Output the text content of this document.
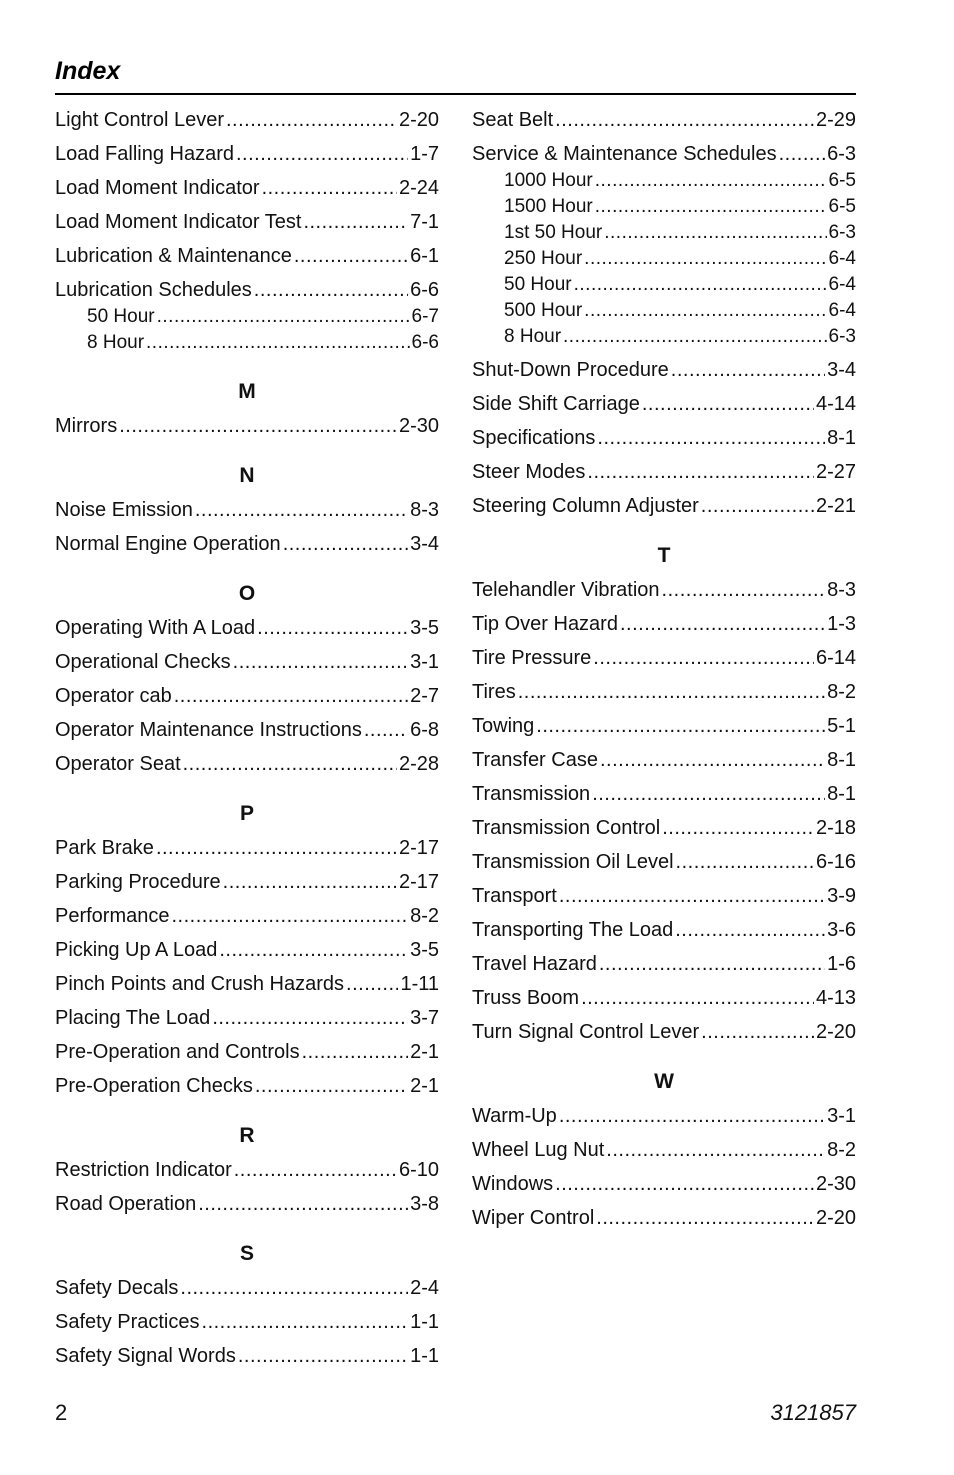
Index
Light Control Lever .....	2-20
Load Falling Hazard .....	1-7
Load Moment Indicator .....	2-24
Load Moment Indicator Test .....	7-1
Lubrication & Maintenance .....	6-1
Lubrication Schedules .....	6-6
50 Hour .....	6-7
8 Hour .....	6-6
M
Mirrors .....	2-30
N
Noise Emission .....	8-3
Normal Engine Operation .....	3-4
O
Operating With A Load .....	3-5
Operational Checks .....	3-1
Operator cab .....	2-7
Operator Maintenance Instructions ..... 6-8
Operator Seat .....	2-28
P
Park Brake .....	2-17
Parking Procedure .....	2-17
Performance .....	8-2
Picking Up A Load .....	3-5
Pinch Points and Crush Hazards .....	1-11
Placing The Load .....	3-7
Pre-Operation and Controls .....	2-1
Pre-Operation Checks .....	2-1
R
Restriction Indicator .....	6-10
Road Operation .....	3-8
S
Safety Decals .....	2-4
Safety Practices .....	1-1
Safety Signal Words .....	1-1
Seat Belt .....	2-29
Service & Maintenance Schedules .....	6-3
1000 Hour .....	6-5
1500 Hour .....	6-5
1st 50 Hour .....	6-3
250 Hour .....	6-4
50 Hour .....	6-4
500 Hour .....	6-4
8 Hour .....	6-3
Shut-Down Procedure .....	3-4
Side Shift Carriage .....	4-14
Specifications .....	8-1
Steer Modes .....	2-27
Steering Column Adjuster .....	2-21
T
Telehandler Vibration .....	8-3
Tip Over Hazard .....	1-3
Tire Pressure .....	6-14
Tires .....	8-2
Towing .....	5-1
Transfer Case .....	8-1
Transmission .....	8-1
Transmission Control .....	2-18
Transmission Oil Level .....	6-16
Transport .....	3-9
Transporting The Load .....	3-6
Travel Hazard .....	1-6
Truss Boom .....	4-13
Turn Signal Control Lever .....	2-20
W
Warm-Up .....	3-1
Wheel Lug Nut .....	8-2
Windows .....	2-30
Wiper Control .....	2-20
2	3121857
